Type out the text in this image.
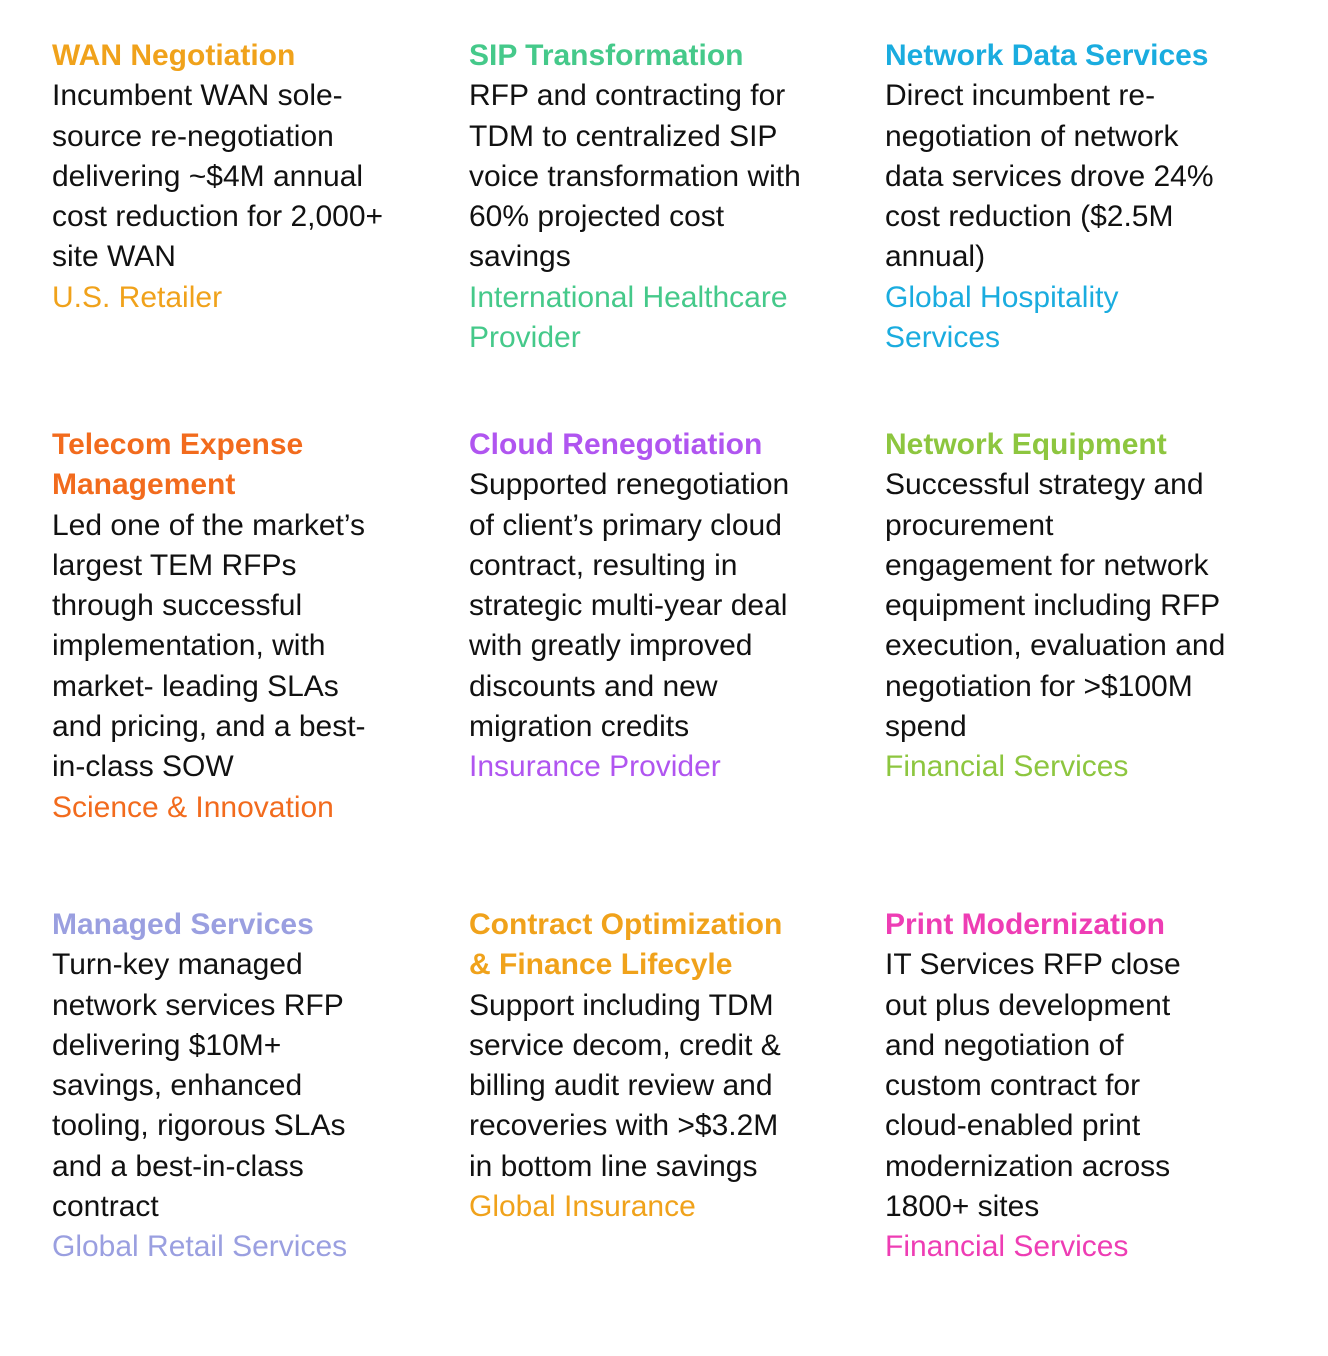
WAN Negotiation

Incumbent WAN sole-
source re-negotiation
delivering ~$4M annual
cost reduction for 2,000+
site WAN

U.S. Retailer

SIP Transformation

RFP and contracting for
TDM to centralized SIP
voice transformation with
60% projected cost
savings

International Healthcare
Provider

Network Data Services

Direct incumbent re-
negotiation of network
data services drove 24%
cost reduction ($2.5M
annual)

Global Hospitality
Services

Telecom Expense
Management

Led one of the market’s
largest TEM RFPs
through successful
implementation, with
market- leading SLAs
and pricing, and a best-
in-class SOW

Science & Innovation

Cloud Renegotiation

Supported renegotiation
of client’s primary cloud
contract, resulting in
strategic multi-year deal
with greatly improved
discounts and new
migration credits

Insurance Provider

Network Equipment

Successful strategy and
procurement
engagement for network
equipment including RFP
execution, evaluation and
negotiation for >$100M
spend

Financial Services

Managed Services

Turn-key managed
network services RFP
delivering $10M+
savings, enhanced
tooling, rigorous SLAs
and a best-in-class
contract

Global Retail Services

Contract Optimization
& Finance Lifecyle

Support including TDM
service decom, credit &
billing audit review and
recoveries with >$3.2M
in bottom line savings

Global Insurance

Print Modernization

IT Services RFP close
out plus development
and negotiation of
custom contract for
cloud-enabled print
modernization across
1800+ sites

Financial Services
